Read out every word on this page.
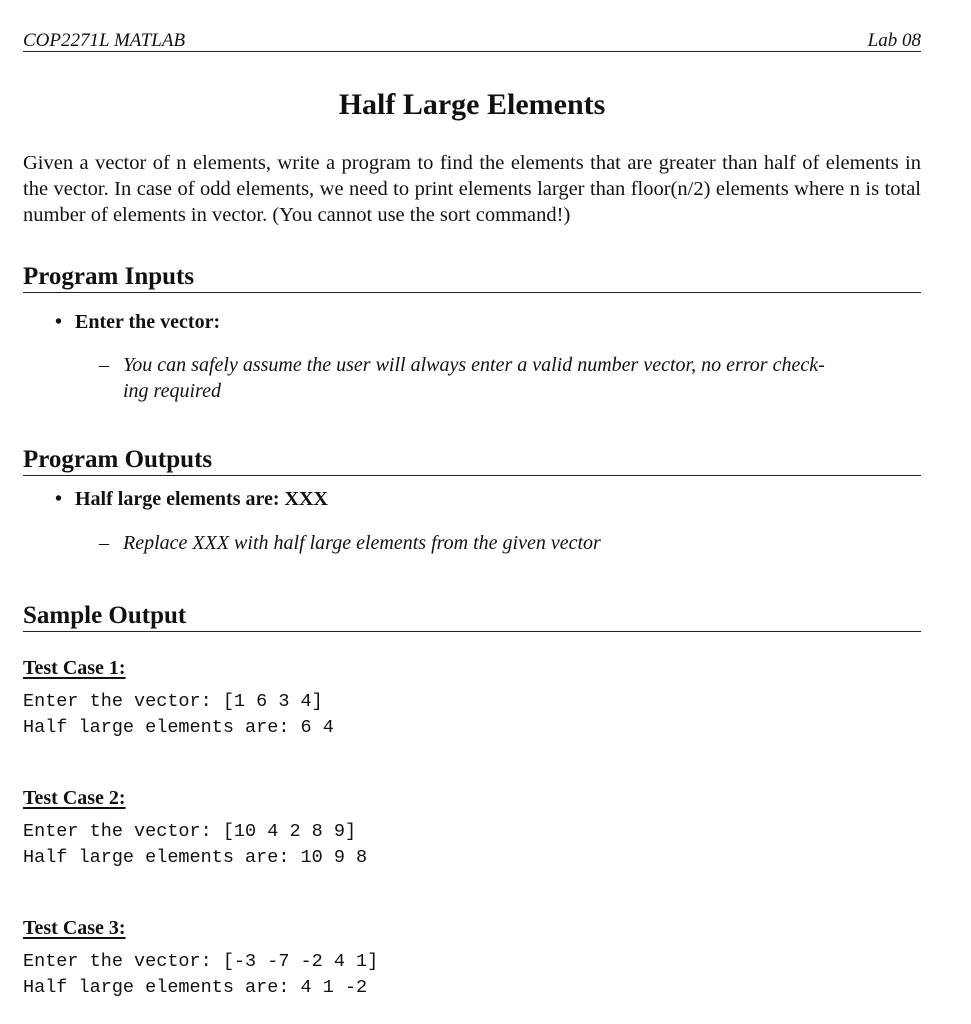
COP2271L MATLAB	Lab 08
Half Large Elements
Given a vector of n elements, write a program to find the elements that are greater than half of elements in the vector. In case of odd elements, we need to print elements larger than floor(n/2) elements where n is total number of elements in vector. (You cannot use the sort command!)
Program Inputs
• Enter the vector:
– You can safely assume the user will always enter a valid number vector, no error check-
ing required
Program Outputs
• Half large elements are: XXX
– Replace XXX with half large elements from the given vector
Sample Output
Test Case 1:
Enter the vector: [1 6 3 4]
Half large elements are: 6 4
Test Case 2:
Enter the vector: [10 4 2 8 9]
Half large elements are: 10 9 8
Test Case 3:
Enter the vector: [-3 -7 -2 4 1]
Half large elements are: 4 1 -2
